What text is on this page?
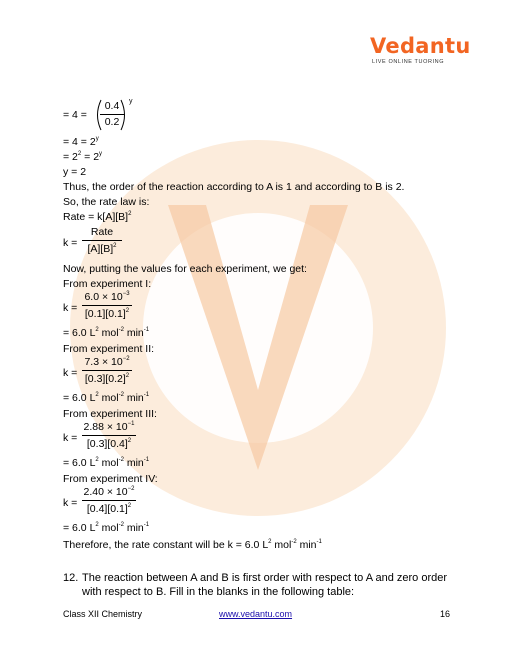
Vedantu
LIVE ONLINE TUORING
= 4 =
0.4
0.2
y
= $4 = 2^y$
= $2^2 = 2^y$
y = 2
Thus, the order of the reaction according to A is 1 and according to B is 2.
So, the rate law is:
Rate = $k[A][B]^2$
k =
Rate
$[A][B]^2$
Now, putting the values for each experiment, we get:
From experiment I:
k =
$6.0 \times 10^{-3}$
$[0.1][0.1]^2$
= 6.0 $L^2$ mol$^{-2}$ $\min^{-1}$
From experiment II:
k =
$7.3 \times 10^{-2}$
$[0.3][0.2]^2$
= 6.0 $L^2$ mol$^{-2}$ $\min^{-1}$
From experiment III:
k =
$2.88 \times 10^{-1}$
$[0.3][0.4]^2$
= 6.0 $L^2$ mol$^{-2}$ $\min^{-1}$
From experiment IV:
k =
$2.40 \times 10^{-2}$
$[0.4][0.1]^2$
= 6.0 $L^2$ mol$^{-2}$ $\min^{-1}$
Therefore, the rate constant will be k = 6.0 $L^2$ mol$^{-2}$ $\min^{-1}$
12. The reaction between A and B is first order with respect to A and zero order
with respect to B. Fill in the blanks in the following table:
Class XII Chemistry	www.vedantu.com	16
